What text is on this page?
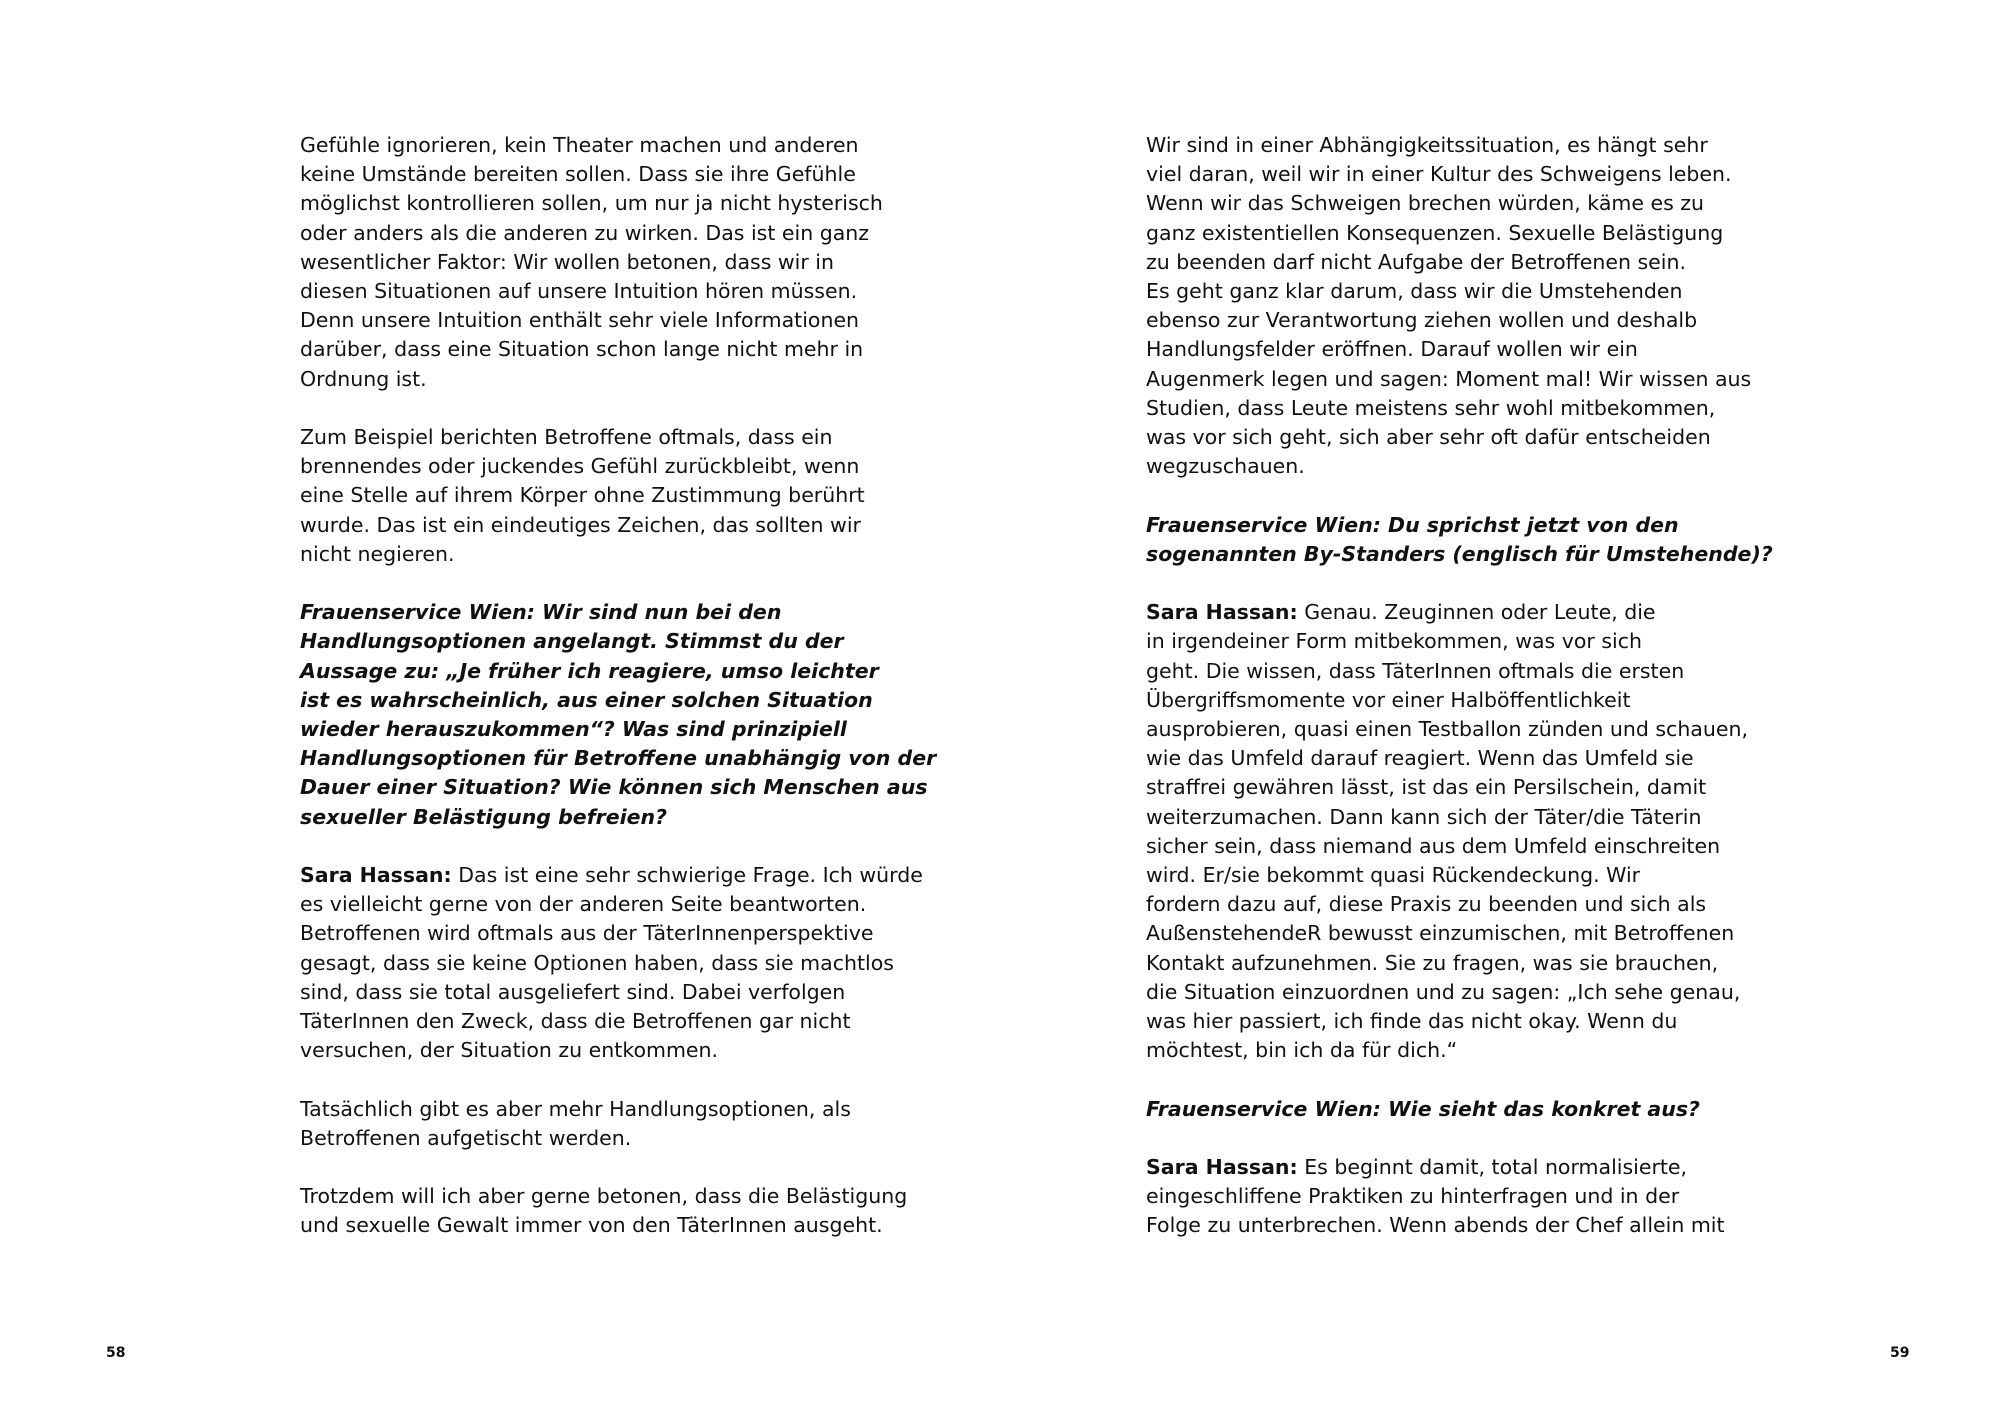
Gefühle ignorieren, kein Theater machen und anderen
keine Umstände bereiten sollen. Dass sie ihre Gefühle
möglichst kontrollieren sollen, um nur ja nicht hysterisch
oder anders als die anderen zu wirken. Das ist ein ganz
wesentlicher Faktor: Wir wollen betonen, dass wir in
diesen Situationen auf unsere Intuition hören müssen.
Denn unsere Intuition enthält sehr viele Informationen
darüber, dass eine Situation schon lange nicht mehr in
Ordnung ist.

Zum Beispiel berichten Betroffene oftmals, dass ein
brennendes oder juckendes Gefühl zurückbleibt, wenn
eine Stelle auf ihrem Körper ohne Zustimmung berührt
wurde. Das ist ein eindeutiges Zeichen, das sollten wir
nicht negieren.

Frauenservice Wien: Wir sind nun bei den
Handlungsoptionen angelangt. Stimmst du der
Aussage zu: „Je früher ich reagiere, umso leichter
ist es wahrscheinlich, aus einer solchen Situation
wieder herauszukommen“? Was sind prinzipiell
Handlungsoptionen für Betroffene unabhängig von der
Dauer einer Situation? Wie können sich Menschen aus
sexueller Belästigung befreien?

Sara Hassan: Das ist eine sehr schwierige Frage. Ich würde
es vielleicht gerne von der anderen Seite beantworten.
Betroffenen wird oftmals aus der TäterInnenperspektive
gesagt, dass sie keine Optionen haben, dass sie machtlos
sind, dass sie total ausgeliefert sind. Dabei verfolgen
TäterInnen den Zweck, dass die Betroffenen gar nicht
versuchen, der Situation zu entkommen.

Tatsächlich gibt es aber mehr Handlungsoptionen, als
Betroffenen aufgetischt werden.

Trotzdem will ich aber gerne betonen, dass die Belästigung
und sexuelle Gewalt immer von den TäterInnen ausgeht.

58

Wir sind in einer Abhängigkeitssituation, es hängt sehr
viel daran, weil wir in einer Kultur des Schweigens leben.
Wenn wir das Schweigen brechen würden, käme es zu
ganz existentiellen Konsequenzen. Sexuelle Belästigung
zu beenden darf nicht Aufgabe der Betroffenen sein.
Es geht ganz klar darum, dass wir die Umstehenden
ebenso zur Verantwortung ziehen wollen und deshalb
Handlungsfelder eröffnen. Darauf wollen wir ein
Augenmerk legen und sagen: Moment mal! Wir wissen aus
Studien, dass Leute meistens sehr wohl mitbekommen,
was vor sich geht, sich aber sehr oft dafür entscheiden
wegzuschauen.

Frauenservice Wien: Du sprichst jetzt von den
sogenannten By-Standers (englisch für Umstehende)?

Sara Hassan: Genau. Zeuginnen oder Leute, die
in irgendeiner Form mitbekommen, was vor sich
geht. Die wissen, dass TäterInnen oftmals die ersten
Übergriffsmomente vor einer Halböffentlichkeit
ausprobieren, quasi einen Testballon zünden und schauen,
wie das Umfeld darauf reagiert. Wenn das Umfeld sie
straffrei gewähren lässt, ist das ein Persilschein, damit
weiterzumachen. Dann kann sich der Täter/die Täterin
sicher sein, dass niemand aus dem Umfeld einschreiten
wird. Er/sie bekommt quasi Rückendeckung. Wir
fordern dazu auf, diese Praxis zu beenden und sich als
AußenstehendeR bewusst einzumischen, mit Betroffenen
Kontakt aufzunehmen. Sie zu fragen, was sie brauchen,
die Situation einzuordnen und zu sagen: „Ich sehe genau,
was hier passiert, ich finde das nicht okay. Wenn du
möchtest, bin ich da für dich.“

Frauenservice Wien: Wie sieht das konkret aus?

Sara Hassan: Es beginnt damit, total normalisierte,
eingeschliffene Praktiken zu hinterfragen und in der
Folge zu unterbrechen. Wenn abends der Chef allein mit

59
